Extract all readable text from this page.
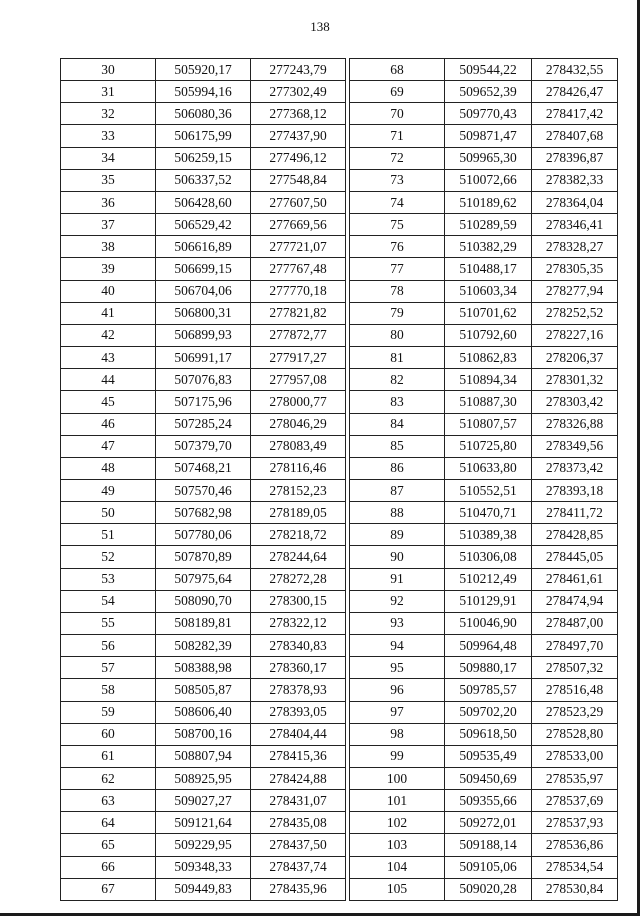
138
30	505920,17	277243,79
31	505994,16	277302,49
32	506080,36	277368,12
33	506175,99	277437,90
34	506259,15	277496,12
35	506337,52	277548,84
36	506428,60	277607,50
37	506529,42	277669,56
38	506616,89	277721,07
39	506699,15	277767,48
40	506704,06	277770,18
41	506800,31	277821,82
42	506899,93	277872,77
43	506991,17	277917,27
44	507076,83	277957,08
45	507175,96	278000,77
46	507285,24	278046,29
47	507379,70	278083,49
48	507468,21	278116,46
49	507570,46	278152,23
50	507682,98	278189,05
51	507780,06	278218,72
52	507870,89	278244,64
53	507975,64	278272,28
54	508090,70	278300,15
55	508189,81	278322,12
56	508282,39	278340,83
57	508388,98	278360,17
58	508505,87	278378,93
59	508606,40	278393,05
60	508700,16	278404,44
61	508807,94	278415,36
62	508925,95	278424,88
63	509027,27	278431,07
64	509121,64	278435,08
65	509229,95	278437,50
66	509348,33	278437,74
67	509449,83	278435,96
68	509544,22	278432,55
69	509652,39	278426,47
70	509770,43	278417,42
71	509871,47	278407,68
72	509965,30	278396,87
73	510072,66	278382,33
74	510189,62	278364,04
75	510289,59	278346,41
76	510382,29	278328,27
77	510488,17	278305,35
78	510603,34	278277,94
79	510701,62	278252,52
80	510792,60	278227,16
81	510862,83	278206,37
82	510894,34	278301,32
83	510887,30	278303,42
84	510807,57	278326,88
85	510725,80	278349,56
86	510633,80	278373,42
87	510552,51	278393,18
88	510470,71	278411,72
89	510389,38	278428,85
90	510306,08	278445,05
91	510212,49	278461,61
92	510129,91	278474,94
93	510046,90	278487,00
94	509964,48	278497,70
95	509880,17	278507,32
96	509785,57	278516,48
97	509702,20	278523,29
98	509618,50	278528,80
99	509535,49	278533,00
100	509450,69	278535,97
101	509355,66	278537,69
102	509272,01	278537,93
103	509188,14	278536,86
104	509105,06	278534,54
105	509020,28	278530,84
